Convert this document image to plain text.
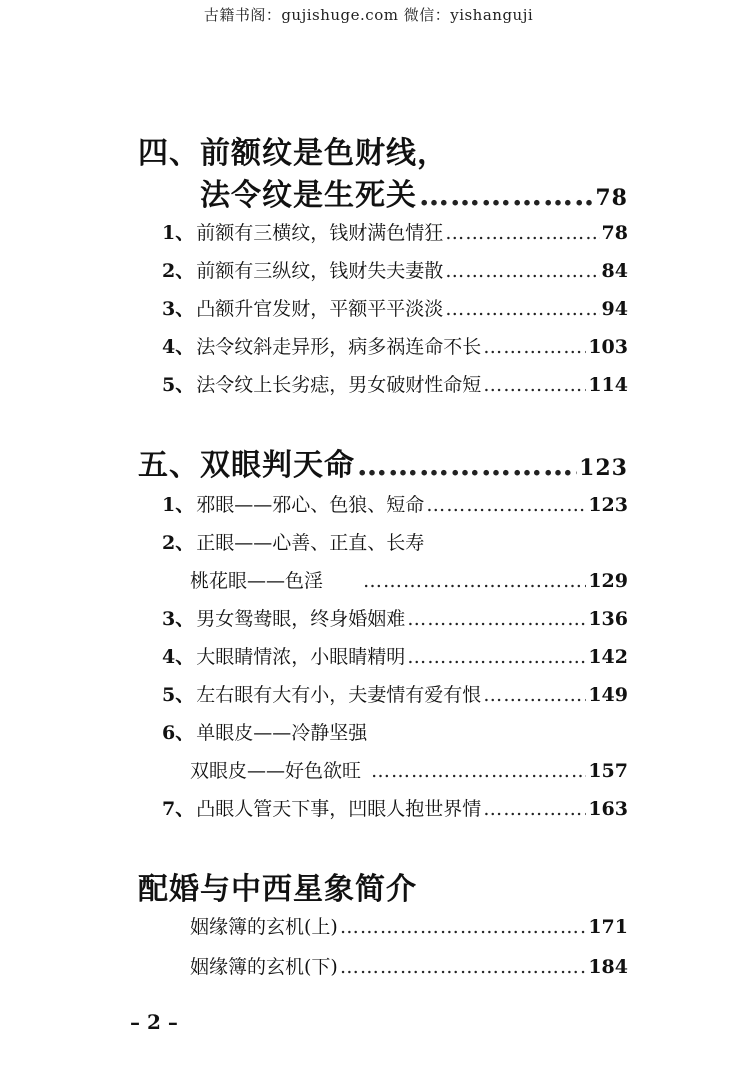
古籍书阁：gujishuge.com 微信：yishanguji
四、前额纹是色财线，
法令纹是生死关 ……………………………………………………………………………………………………………………	78
1、 前额有三横纹，钱财满色情狂 ……………………………………………………………………………………………………………………	78
2、 前额有三纵纹，钱财失夫妻散 ……………………………………………………………………………………………………………………	84
3、 凸额升官发财，平额平平淡淡 ……………………………………………………………………………………………………………………	94
4、 法令纹斜走异形，病多祸连命不长 ……………………………………………………………………………………………………………………	103
5、 法令纹上长劣痣，男女破财性命短 ……………………………………………………………………………………………………………………	114
五、双眼判天命 ……………………………………………………………………………………………………………………	123
1、 邪眼——邪心、色狼、短命 ……………………………………………………………………………………………………………………	123
2、 正眼——心善、正直、长寿
桃花眼——色淫 ……………………………………………………………………………………………………………………	129
3、 男女鸳鸯眼，终身婚姻难 ……………………………………………………………………………………………………………………	136
4、 大眼睛情浓，小眼睛精明 ……………………………………………………………………………………………………………………	142
5、 左右眼有大有小，夫妻情有爱有恨 ……………………………………………………………………………………………………………………	149
6、 单眼皮——冷静坚强
双眼皮——好色欲旺 ……………………………………………………………………………………………………………………	157
7、 凸眼人管天下事，凹眼人抱世界情 ……………………………………………………………………………………………………………………	163
配婚与中西星象简介
姻缘簿的玄机(上) ……………………………………………………………………………………………………………………	171
姻缘簿的玄机(下) ……………………………………………………………………………………………………………………	184
– 2 –
